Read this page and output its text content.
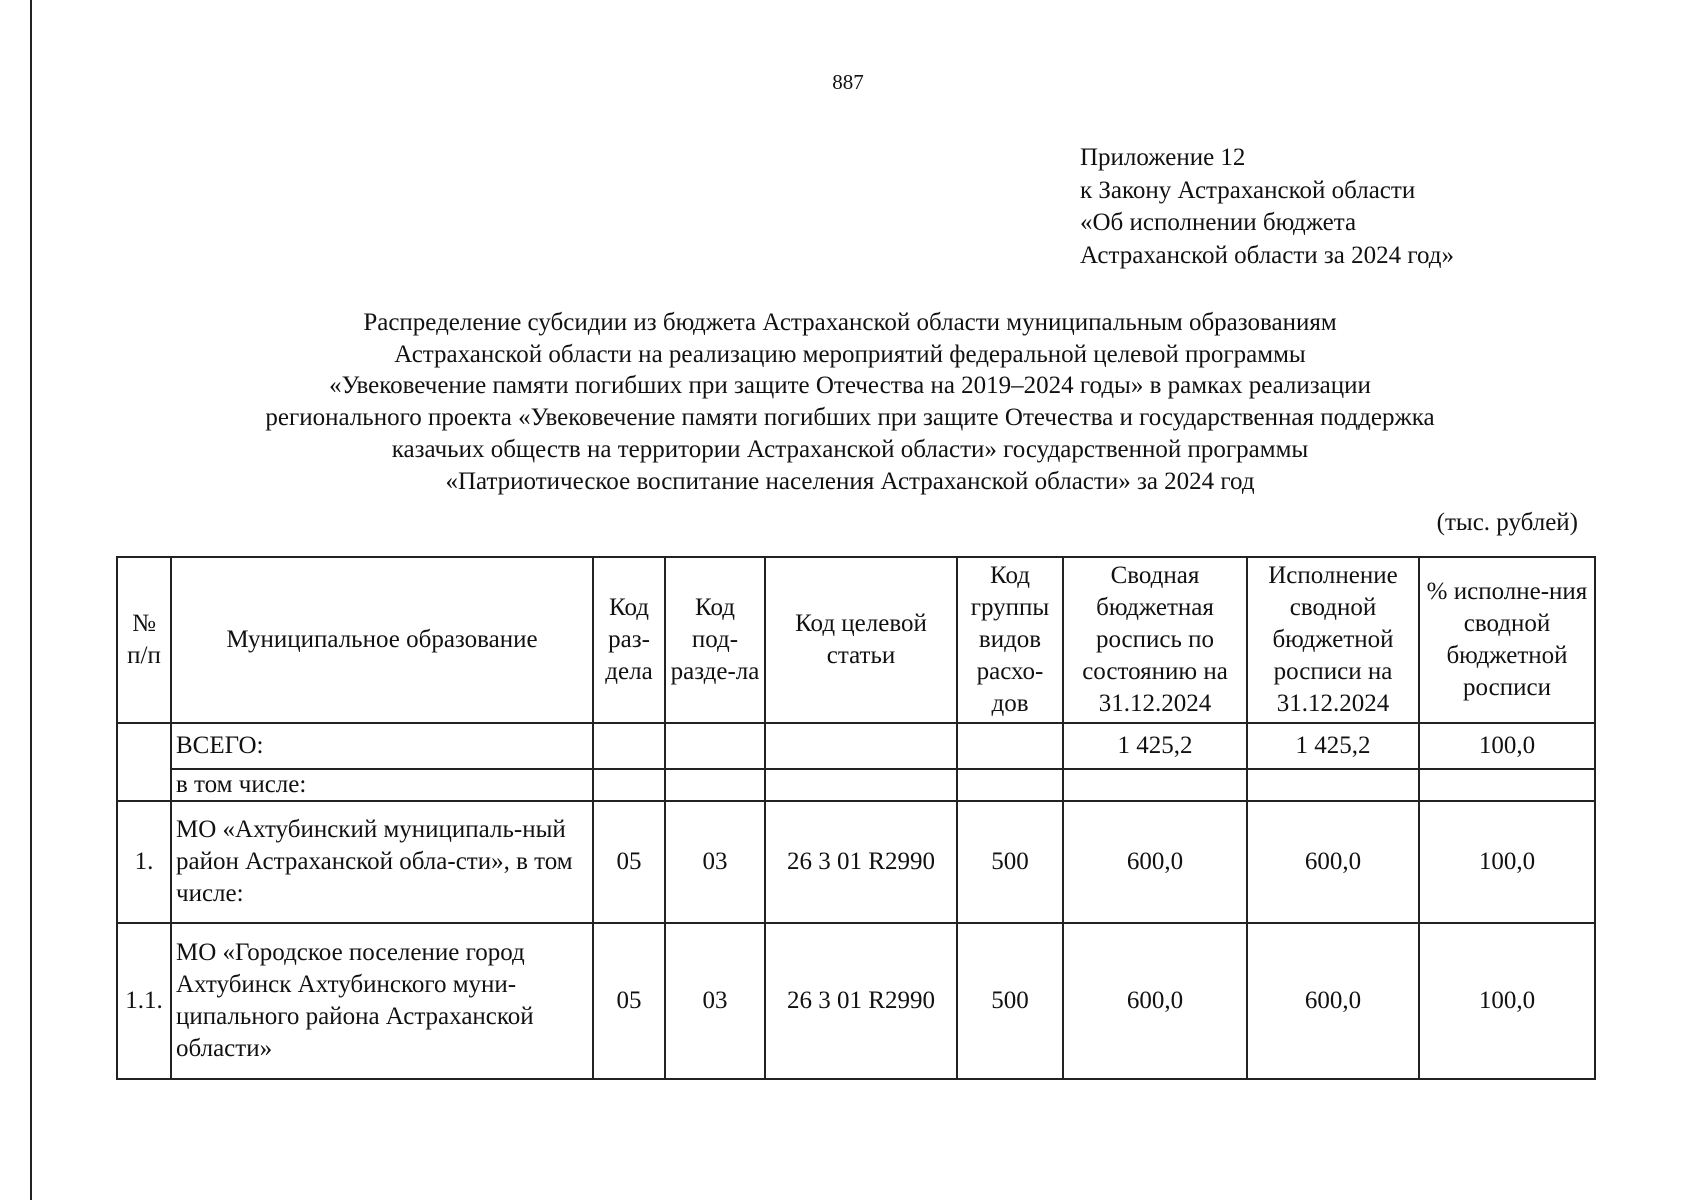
887
Приложение 12
к Закону Астраханской области
«Об исполнении бюджета
Астраханской области за 2024 год»
Распределение субсидии из бюджета Астраханской области муниципальным образованиям
Астраханской области на реализацию мероприятий федеральной целевой программы
«Увековечение памяти погибших при защите Отечества на 2019–2024 годы» в рамках реализации
регионального проекта «Увековечение памяти погибших при защите Отечества и государственная поддержка
казачьих обществ на территории Астраханской области» государственной программы
«Патриотическое воспитание населения Астраханской области» за 2024 год
(тыс. рублей)
№ п/п	Муниципальное образование	Код раз-дела	Код под-разде-ла	Код целевой статьи	Код группы видов расхо-дов	Сводная бюджетная роспись по состоянию на 31.12.2024	Исполнение сводной бюджетной росписи на 31.12.2024	% исполне-ния сводной бюджетной росписи
	ВСЕГО:					1 425,2	1 425,2	100,0
	в том числе:							
1.	МО «Ахтубинский муниципаль-ный район Астраханской обла-сти», в том числе:	05	03	26 3 01 R2990	500	600,0	600,0	100,0
1.1.	МО «Городское поселение город Ахтубинск Ахтубинского муни-ципального района Астраханской области»	05	03	26 3 01 R2990	500	600,0	600,0	100,0
